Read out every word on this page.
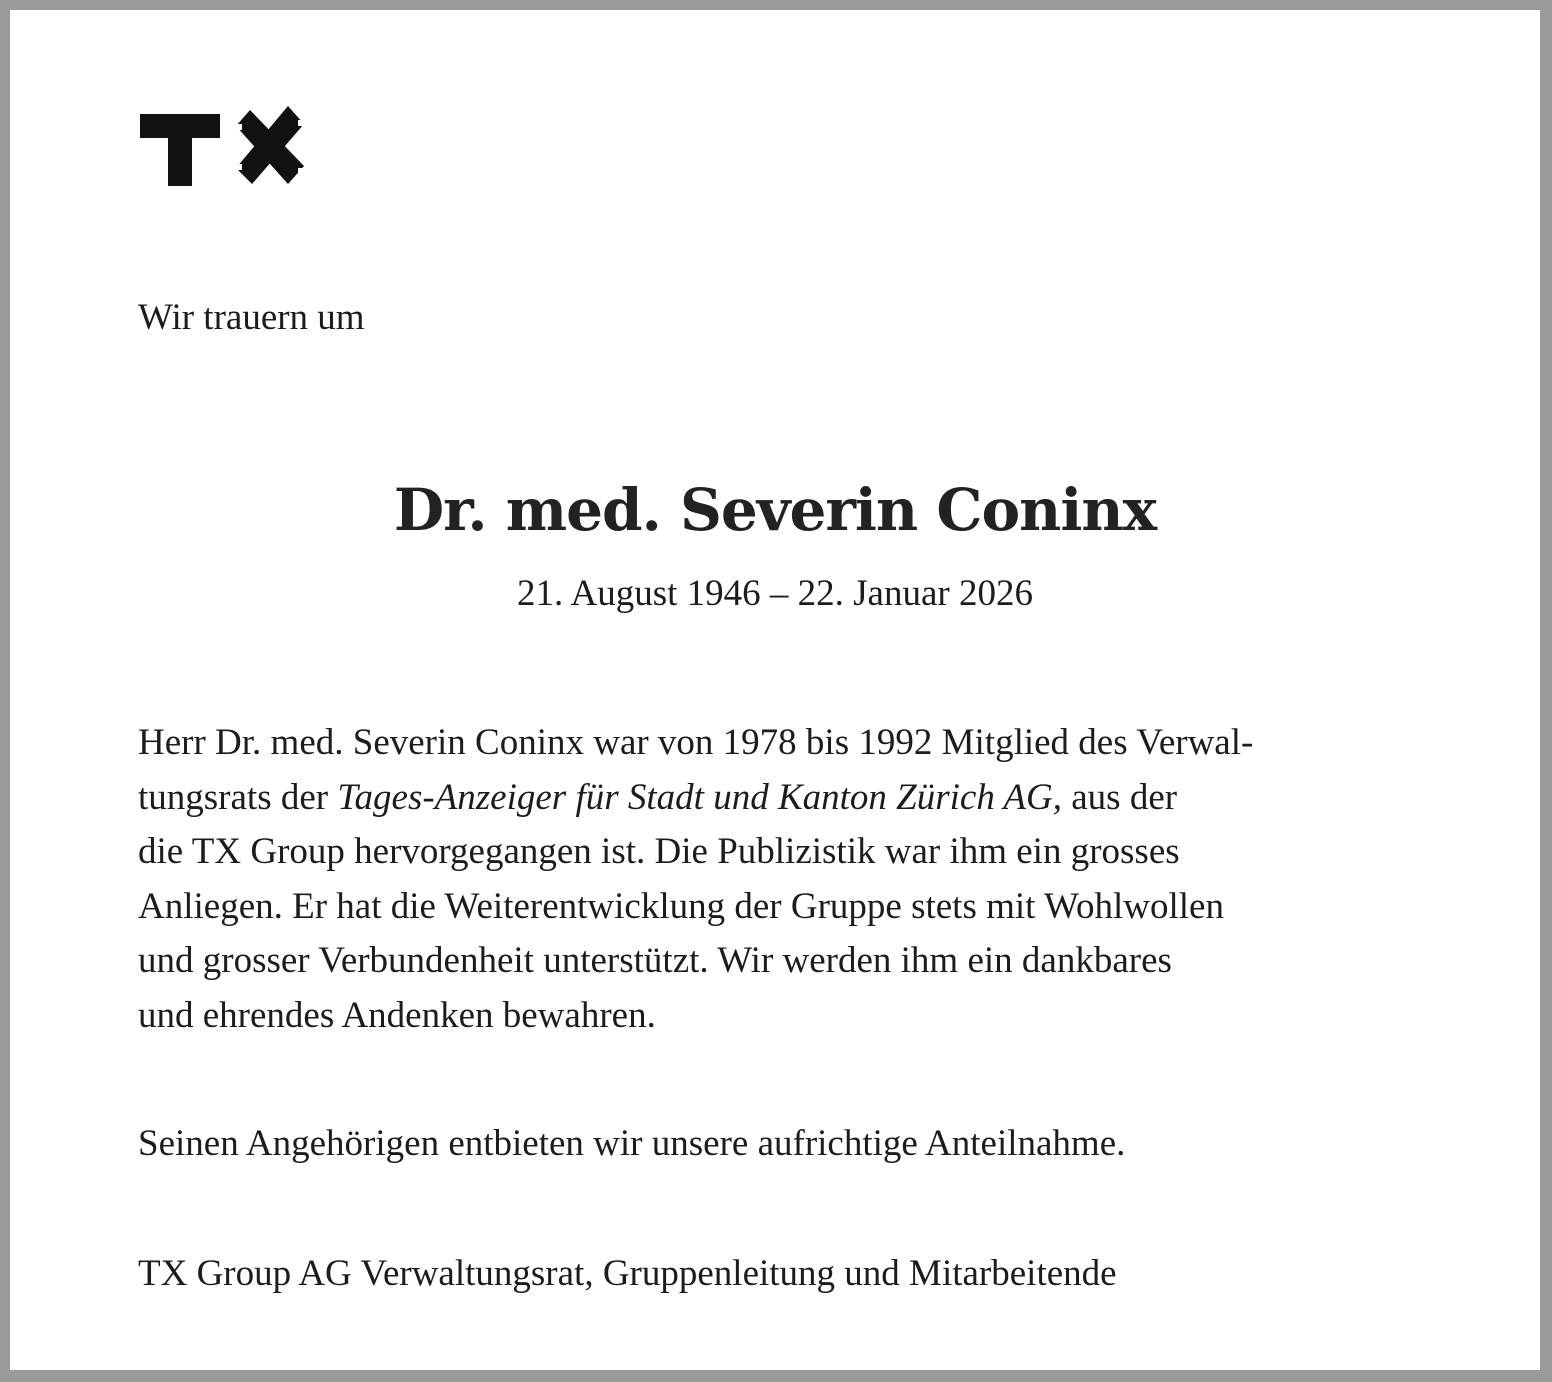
Wir trauern um
Dr. med. Severin Coninx
21. August 1946 – 22. Januar 2026
Herr Dr. med. Severin Coninx war von 1978 bis 1992 Mitglied des Verwal-
tungsrats der Tages-Anzeiger für Stadt und Kanton Zürich AG, aus der
die TX Group hervorgegangen ist. Die Publizistik war ihm ein grosses
Anliegen. Er hat die Weiterentwicklung der Gruppe stets mit Wohlwollen
und grosser Verbundenheit unterstützt. Wir werden ihm ein dankbares
und ehrendes Andenken bewahren.
Seinen Angehörigen entbieten wir unsere aufrichtige Anteilnahme.
TX Group AG Verwaltungsrat, Gruppenleitung und Mitarbeitende
